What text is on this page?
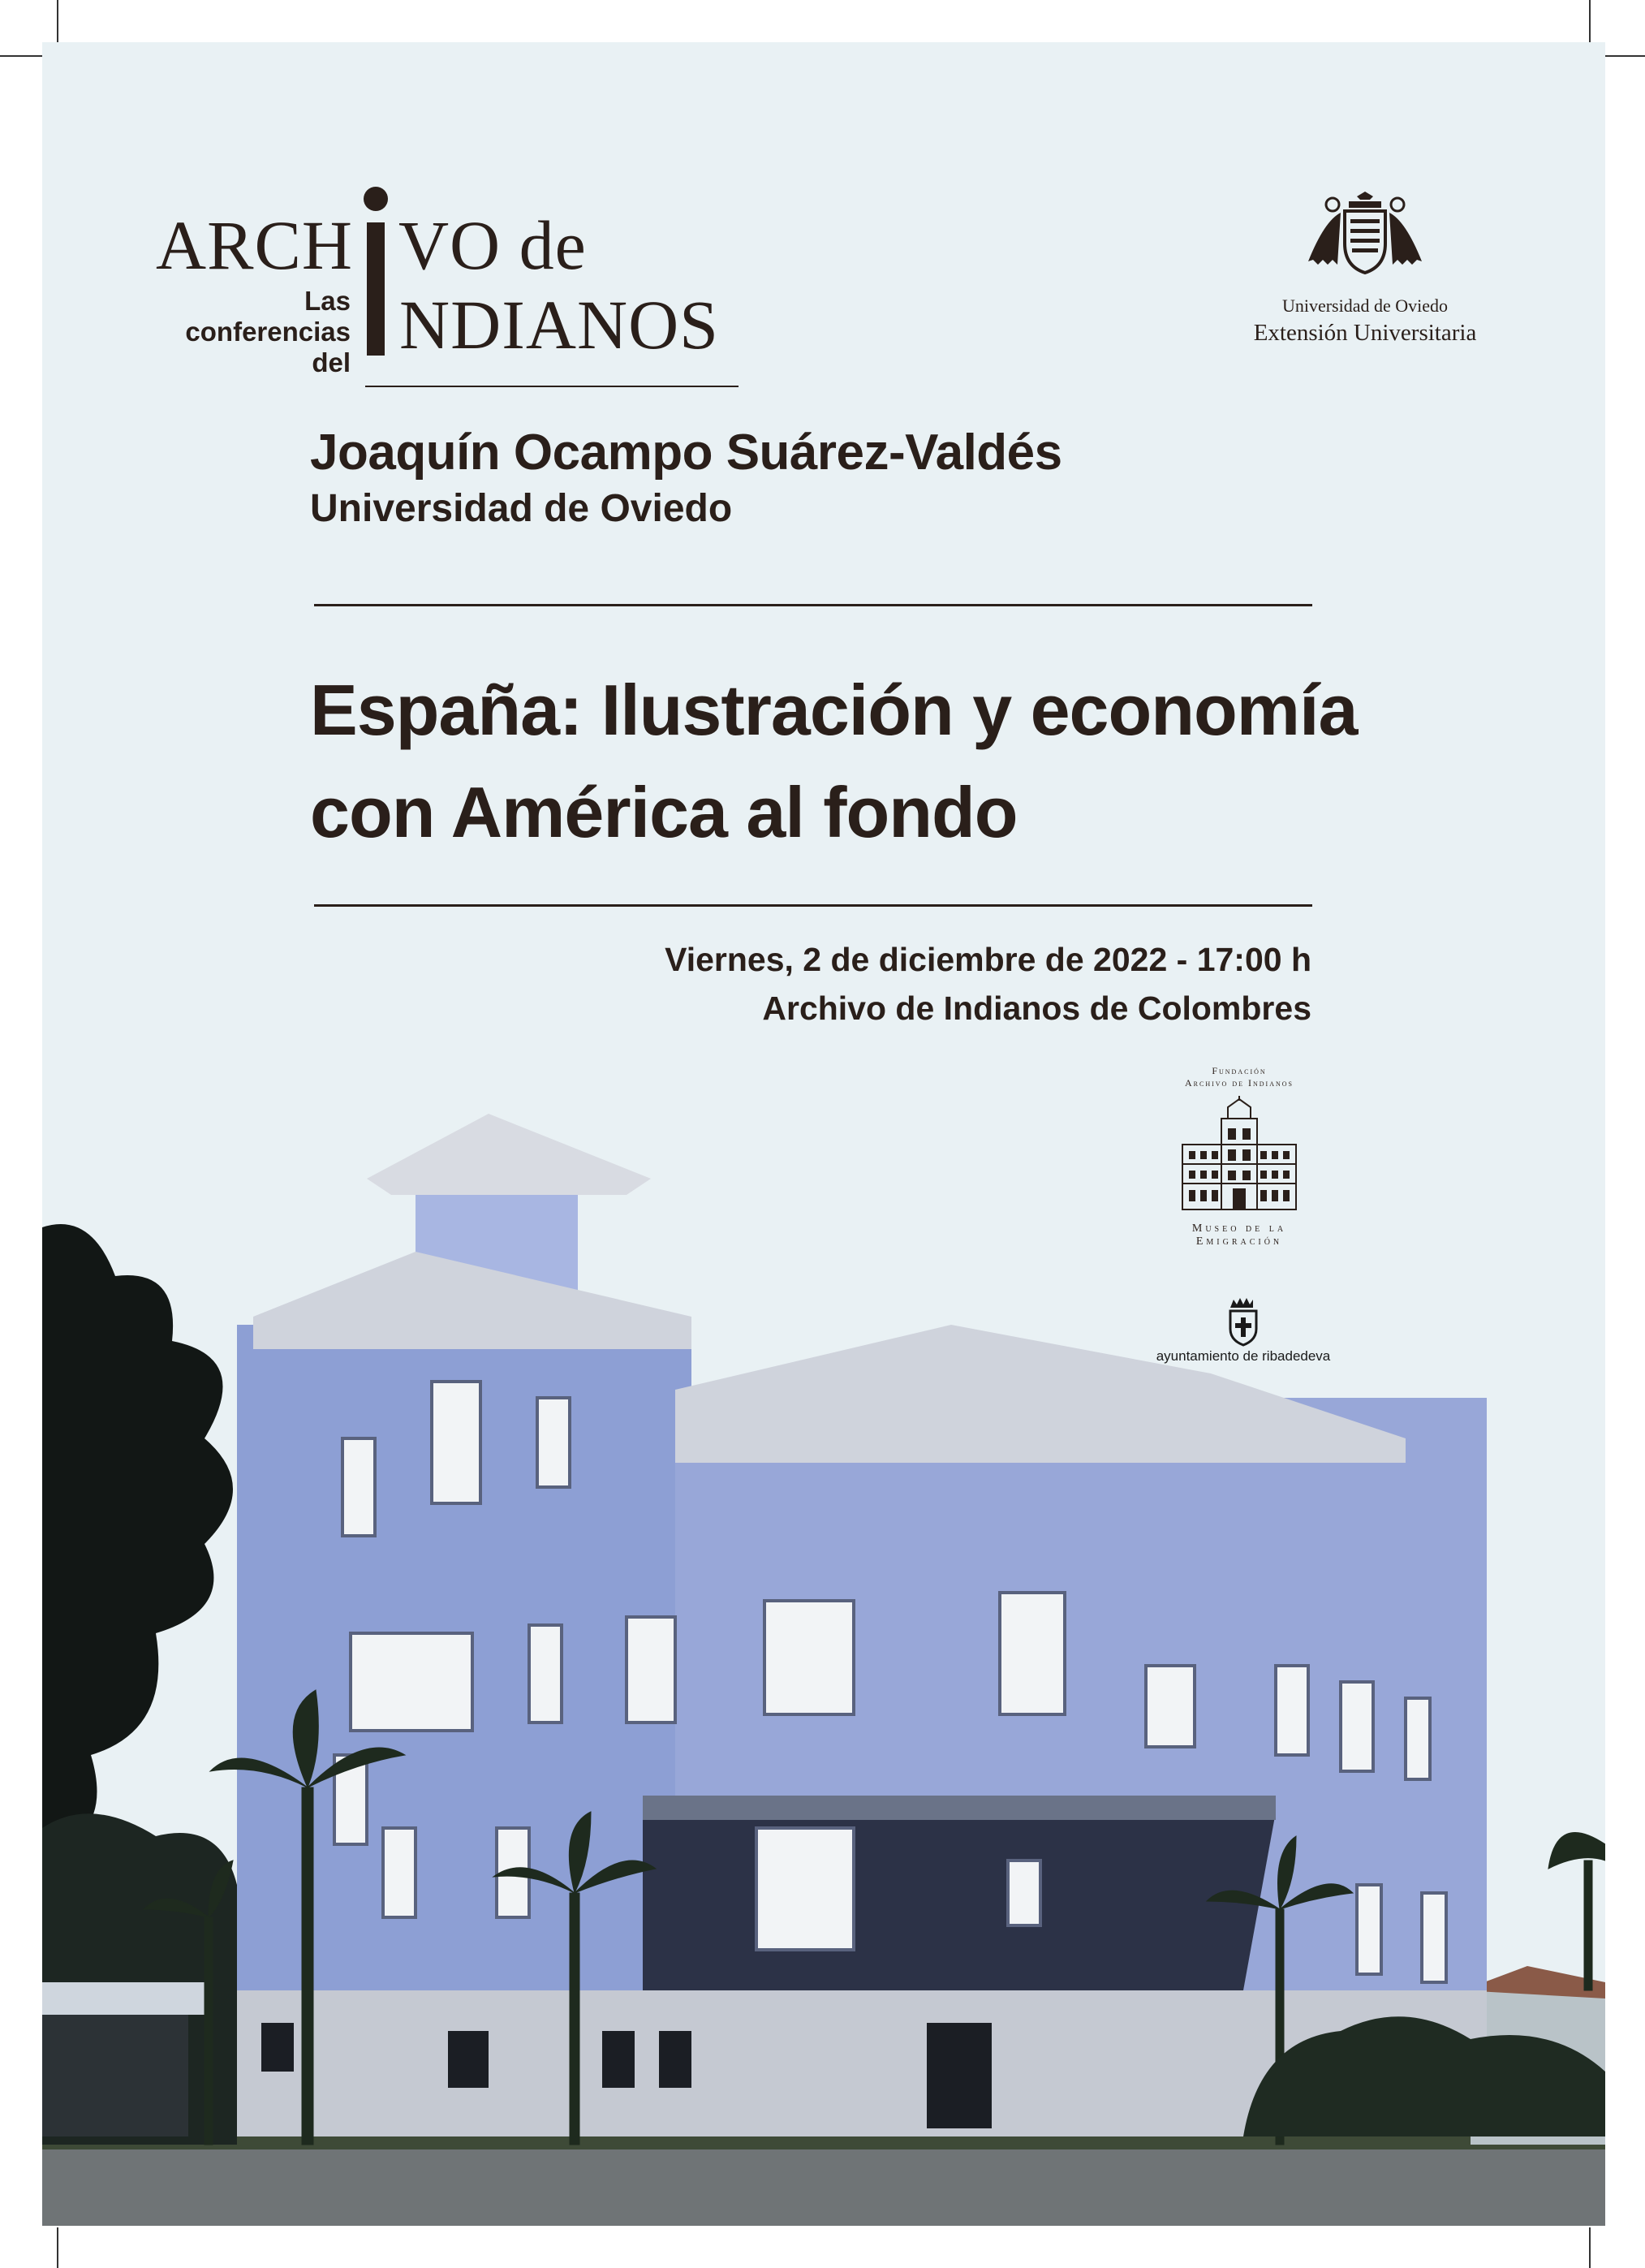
ARCH VO de
NDIANOS
Las
conferencias
del
Universidad de Oviedo
Extensión Universitaria
Joaquín Ocampo Suárez-Valdés
Universidad de Oviedo
España: Ilustración y economía
con América al fondo
Viernes, 2 de diciembre de 2022 - 17:00 h
Archivo de Indianos de Colombres
Fundación
Archivo de Indianos
Museo de la
Emigración
ayuntamiento de ribadedeva
